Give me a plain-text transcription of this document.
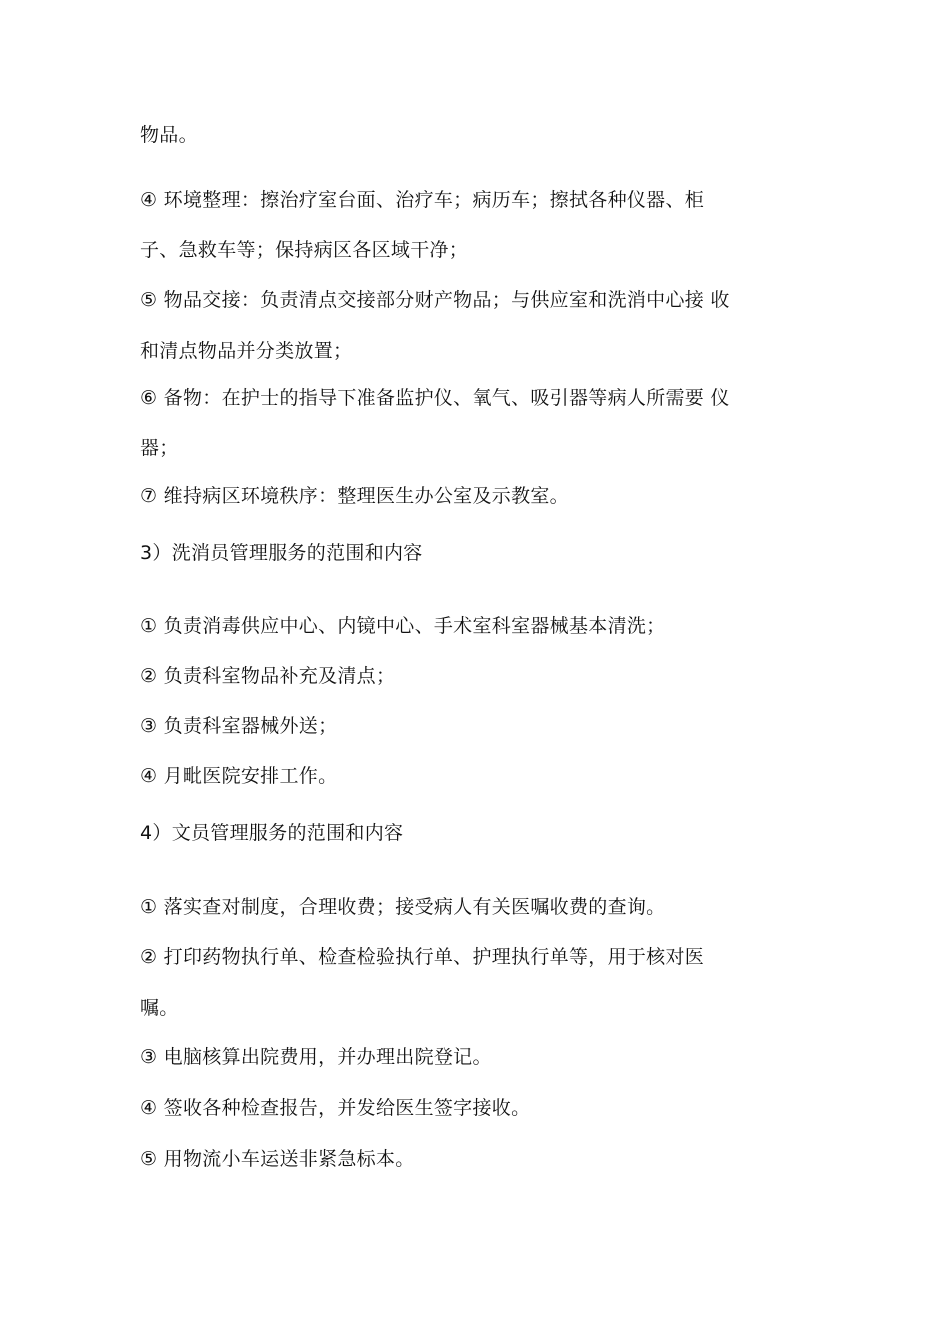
物品。
④ 环境整理：擦治疗室台面、治疗车；病历车；擦拭各种仪器、柜
子、急救车等；保持病区各区域干净；
⑤ 物品交接：负责清点交接部分财产物品；与供应室和洗消中心接 收
和清点物品并分类放置；
⑥ 备物：在护士的指导下准备监护仪、氧气、吸引器等病人所需要 仪
器；
⑦ 维持病区环境秩序：整理医生办公室及示教室。
3）洗消员管理服务的范围和内容
① 负责消毒供应中心、内镜中心、手术室科室器械基本清洗；
② 负责科室物品补充及清点；
③ 负责科室器械外送；
④ 月毗医院安排工作。
4）文员管理服务的范围和内容
① 落实查对制度，合理收费；接受病人有关医嘱收费的查询。
② 打印药物执行单、检查检验执行单、护理执行单等，用于核对医
嘱。
③ 电脑核算出院费用，并办理出院登记。
④ 签收各种检查报告，并发给医生签字接收。
⑤ 用物流小车运送非紧急标本。
